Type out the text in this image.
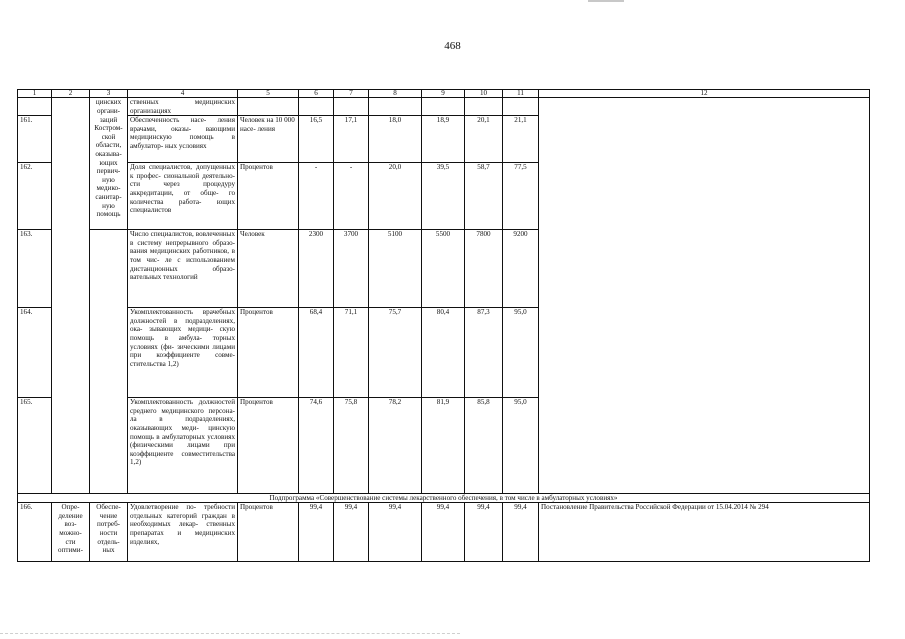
468
1	2	3	4	5	6	7	8	9	10	11	12
		цинских органи-	ственных медицинских организациях								
161.		заций Костром- ской области, оказыва- ющих первич- ную медико- санитар- ную помощь	Обеспеченность насе- ления врачами, оказы- вающими медицинскую помощь в амбулатор- ных условиях	Человек на 10 000 насе- ления	16,5	17,1	18,0	18,9	20,1	21,1	
162.			Доля специалистов, допущенных к профес- сиональной деятельно- сти через процедуру аккредитации, от обще- го количества работа- ющих специалистов	Процентов	-	-	20,0	39,5	58,7	77,5	
163.			Число специалистов, вовлеченных в систему непрерывного образо- вания медицинских работников, в том чис- ле с использованием дистанционных образо- вательных технологий	Человек	2300	3700	5100	5500	7800	9200	
164.			Укомплектованность врачебных должностей в подразделениях, ока- зывающих медици- скую помощь в амбула- торных условиях (фи- зическими лицами при коэффициенте совме- стительства 1,2)	Процентов	68,4	71,1	75,7	80,4	87,3	95,0	
165.			Укомплектованность должностей среднего медицинского персона- ла в подразделениях, оказывающих меди- цинскую помощь в амбулаторных условиях (физическими лицами при коэффициенте совместительства 1,2)	Процентов	74,6	75,8	78,2	81,9	85,8	95,0	
Подпрограмма «Совершенствование системы лекарственного обеспечения, в том числе в амбулаторных условиях»											
166.	Опре- деление воз- можно- сти оптими-	Обеспе- чение потреб- ности отдель- ных	Удовлетворение по- требности отдельных категорий граждан в необходимых лекар- ственных препаратах и медицинских изделиях,	Процентов	99,4	99,4	99,4	99,4	99,4	99,4	Постановление Правительства Российской Федерации от 15.04.2014 № 294
